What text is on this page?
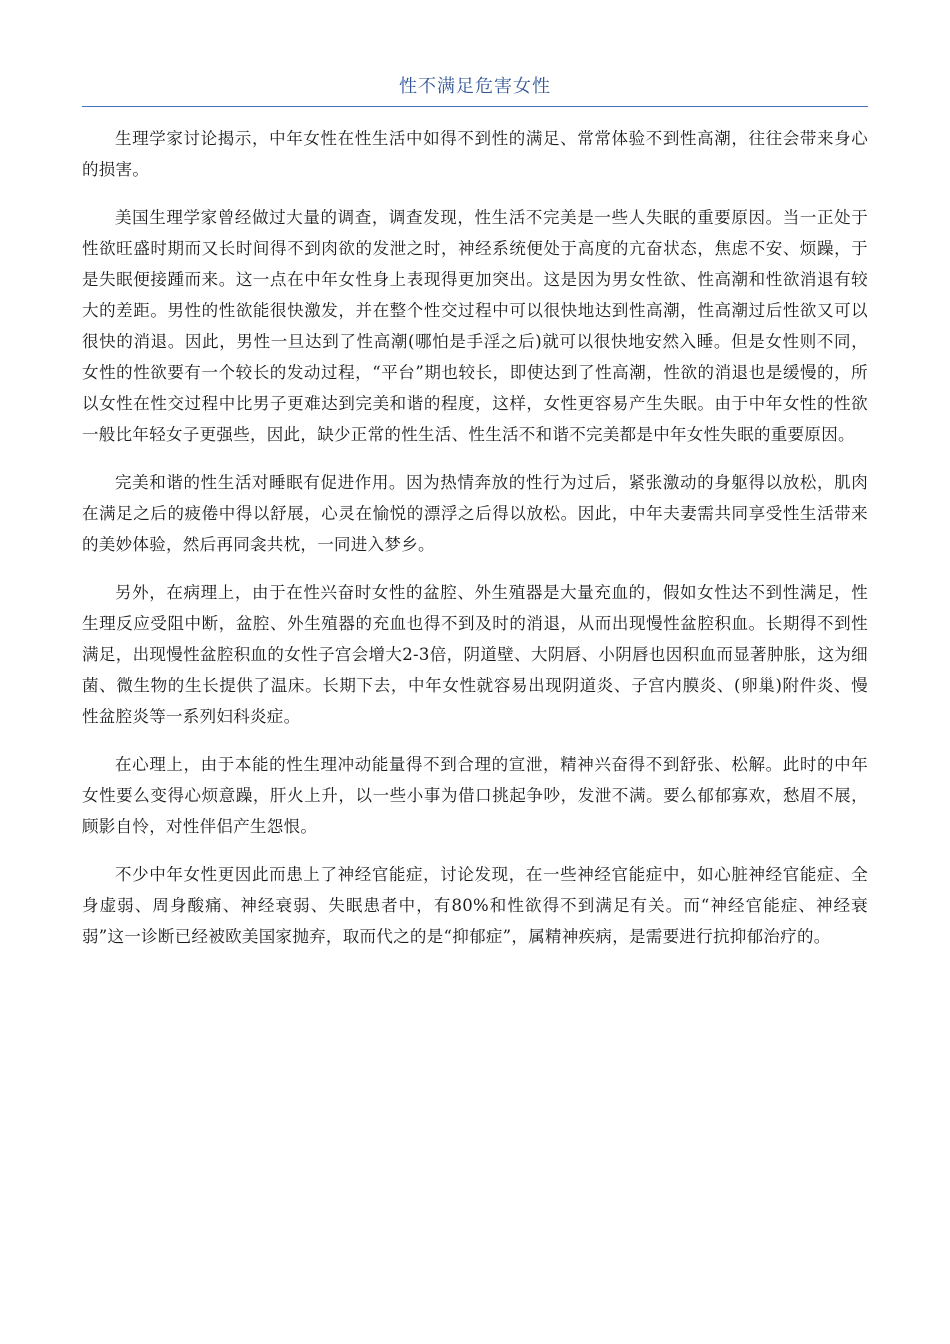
性不满足危害女性

生理学家讨论揭示，中年女性在性生活中如得不到性的满足、常常体验不到性高潮，往往会带来身心的损害。

美国生理学家曾经做过大量的调查，调查发现，性生活不完美是一些人失眠的重要原因。当一正处于性欲旺盛时期而又长时间得不到肉欲的发泄之时，神经系统便处于高度的亢奋状态，焦虑不安、烦躁，于是失眠便接踵而来。这一点在中年女性身上表现得更加突出。这是因为男女性欲、性高潮和性欲消退有较大的差距。男性的性欲能很快激发，并在整个性交过程中可以很快地达到性高潮，性高潮过后性欲又可以很快的消退。因此，男性一旦达到了性高潮(哪怕是手淫之后)就可以很快地安然入睡。但是女性则不同，女性的性欲要有一个较长的发动过程，“平台”期也较长，即使达到了性高潮，性欲的消退也是缓慢的，所以女性在性交过程中比男子更难达到完美和谐的程度，这样，女性更容易产生失眠。由于中年女性的性欲一般比年轻女子更强些，因此，缺少正常的性生活、性生活不和谐不完美都是中年女性失眠的重要原因。

完美和谐的性生活对睡眠有促进作用。因为热情奔放的性行为过后，紧张激动的身躯得以放松，肌肉在满足之后的疲倦中得以舒展，心灵在愉悦的漂浮之后得以放松。因此，中年夫妻需共同享受性生活带来的美妙体验，然后再同衾共枕，一同进入梦乡。

另外，在病理上，由于在性兴奋时女性的盆腔、外生殖器是大量充血的，假如女性达不到性满足，性生理反应受阻中断，盆腔、外生殖器的充血也得不到及时的消退，从而出现慢性盆腔积血。长期得不到性满足，出现慢性盆腔积血的女性子宫会增大2-3倍，阴道壁、大阴唇、小阴唇也因积血而显著肿胀，这为细菌、微生物的生长提供了温床。长期下去，中年女性就容易出现阴道炎、子宫内膜炎、(卵巢)附件炎、慢性盆腔炎等一系列妇科炎症。

在心理上，由于本能的性生理冲动能量得不到合理的宣泄，精神兴奋得不到舒张、松解。此时的中年女性要么变得心烦意躁，肝火上升，以一些小事为借口挑起争吵，发泄不满。要么郁郁寡欢，愁眉不展，顾影自怜，对性伴侣产生怨恨。

不少中年女性更因此而患上了神经官能症，讨论发现，在一些神经官能症中，如心脏神经官能症、全身虚弱、周身酸痛、神经衰弱、失眠患者中，有80%和性欲得不到满足有关。而“神经官能症、神经衰弱”这一诊断已经被欧美国家抛弃，取而代之的是“抑郁症”，属精神疾病，是需要进行抗抑郁治疗的。
